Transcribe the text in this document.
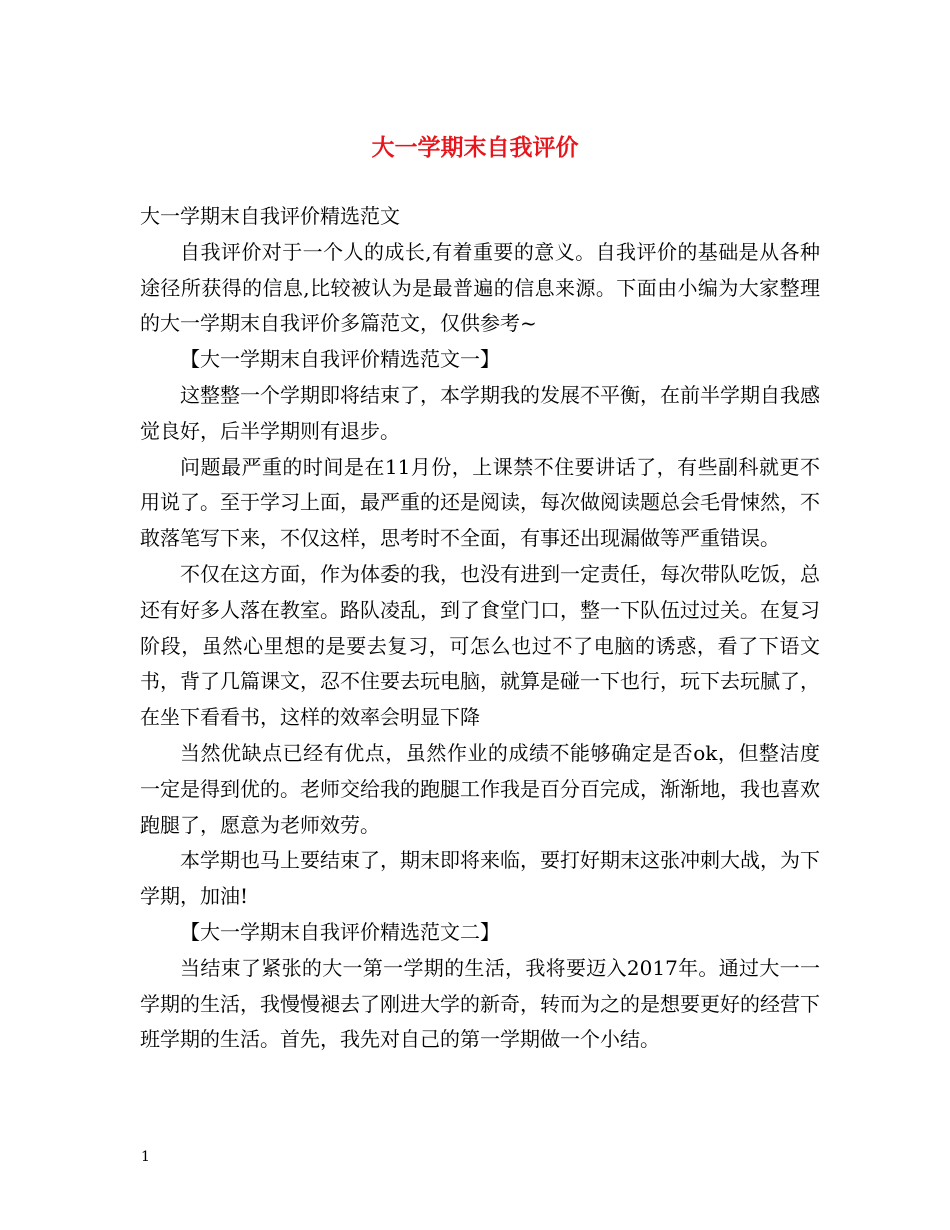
大一学期末自我评价

大一学期末自我评价精选范文

自我评价对于一个人的成长,有着重要的意义。自我评价的基础是从各种途径所获得的信息,比较被认为是最普遍的信息来源。下面由小编为大家整理的大一学期末自我评价多篇范文，仅供参考~

【大一学期末自我评价精选范文一】

这整整一个学期即将结束了，本学期我的发展不平衡，在前半学期自我感觉良好，后半学期则有退步。

问题最严重的时间是在11月份，上课禁不住要讲话了，有些副科就更不用说了。至于学习上面，最严重的还是阅读，每次做阅读题总会毛骨悚然，不敢落笔写下来，不仅这样，思考时不全面，有事还出现漏做等严重错误。

不仅在这方面，作为体委的我，也没有进到一定责任，每次带队吃饭，总还有好多人落在教室。路队凌乱，到了食堂门口，整一下队伍过过关。在复习阶段，虽然心里想的是要去复习，可怎么也过不了电脑的诱惑，看了下语文书，背了几篇课文，忍不住要去玩电脑，就算是碰一下也行，玩下去玩腻了，在坐下看看书，这样的效率会明显下降

当然优缺点已经有优点，虽然作业的成绩不能够确定是否ok，但整洁度一定是得到优的。老师交给我的跑腿工作我是百分百完成，渐渐地，我也喜欢跑腿了，愿意为老师效劳。

本学期也马上要结束了，期末即将来临，要打好期末这张冲刺大战，为下学期，加油!

【大一学期末自我评价精选范文二】

当结束了紧张的大一第一学期的生活，我将要迈入2017年。通过大一一学期的生活，我慢慢褪去了刚进大学的新奇，转而为之的是想要更好的经营下班学期的生活。首先，我先对自己的第一学期做一个小结。

1
